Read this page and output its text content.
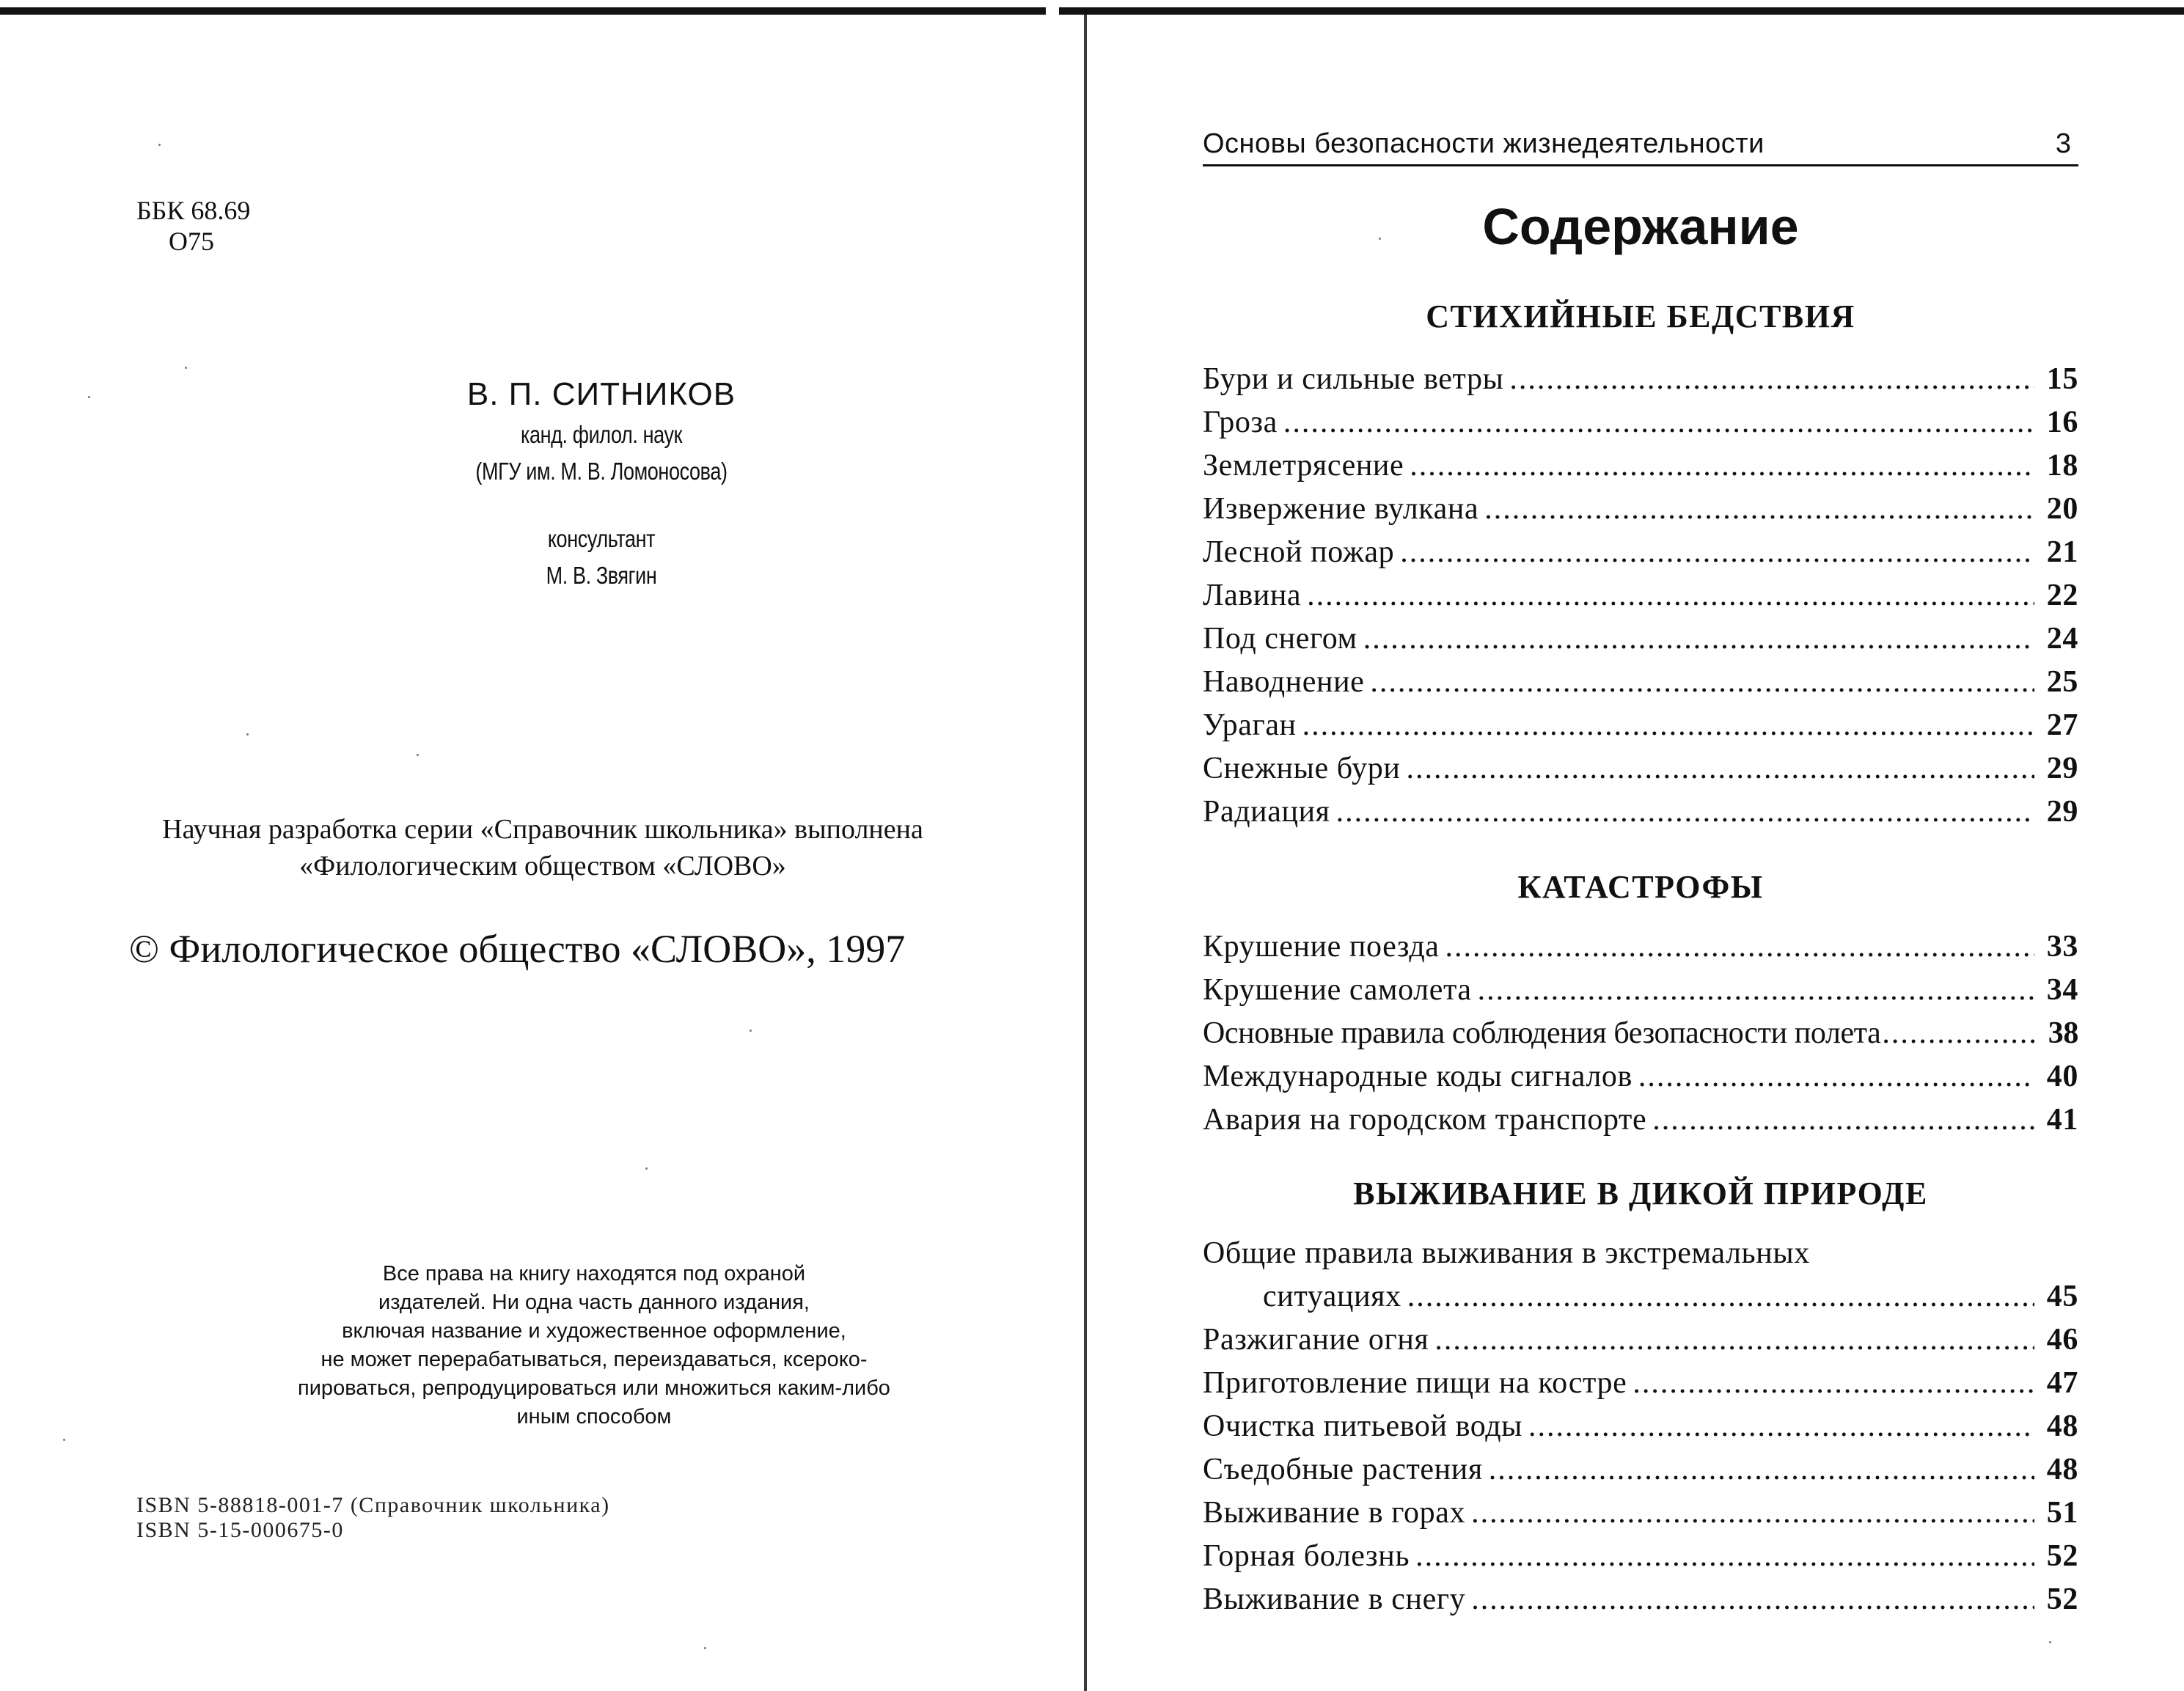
ББК 68.69
O75
В. П. СИТНИКОВ
канд. филол. наук
(МГУ им. М. В. Ломоносова)
консультант
М. В. Звягин
Научная разработка серии «Справочник школьника» выполнена
«Филологическим обществом «СЛОВО»
© Филологическое общество «СЛОВО», 1997
Все права на книгу находятся под охраной
издателей. Ни одна часть данного издания,
включая название и художественное оформление,
не может перерабатываться, переиздаваться, ксероко-
пироваться, репродуцироваться или множиться каким-либо
иным способом
ISBN 5-88818-001-7 (Справочник школьника)
ISBN 5-15-000675-0
Основы безопасности жизнедеятельности	3
Содержание
СТИХИЙНЫЕ БЕДСТВИЯ
Бури и сильные ветры .....	15
Гроза .....	16
Землетрясение .....	18
Извержение вулкана .....	20
Лесной пожар .....	21
Лавина .....	22
Под снегом .....	24
Наводнение .....	25
Ураган .....	27
Снежные бури .....	29
Радиация .....	29
КАТАСТРОФЫ
Крушение поезда .....	33
Крушение самолета .....	34
Основные правила соблюдения безопасности полета .....	38
Международные коды сигналов .....	40
Авария на городском транспорте .....	41
ВЫЖИВАНИЕ В ДИКОЙ ПРИРОДЕ
Общие правила выживания в экстремальных
ситуациях .....	45
Разжигание огня .....	46
Приготовление пищи на костре .....	47
Очистка питьевой воды .....	48
Съедобные растения .....	48
Выживание в горах .....	51
Горная болезнь .....	52
Выживание в снегу .....	52
